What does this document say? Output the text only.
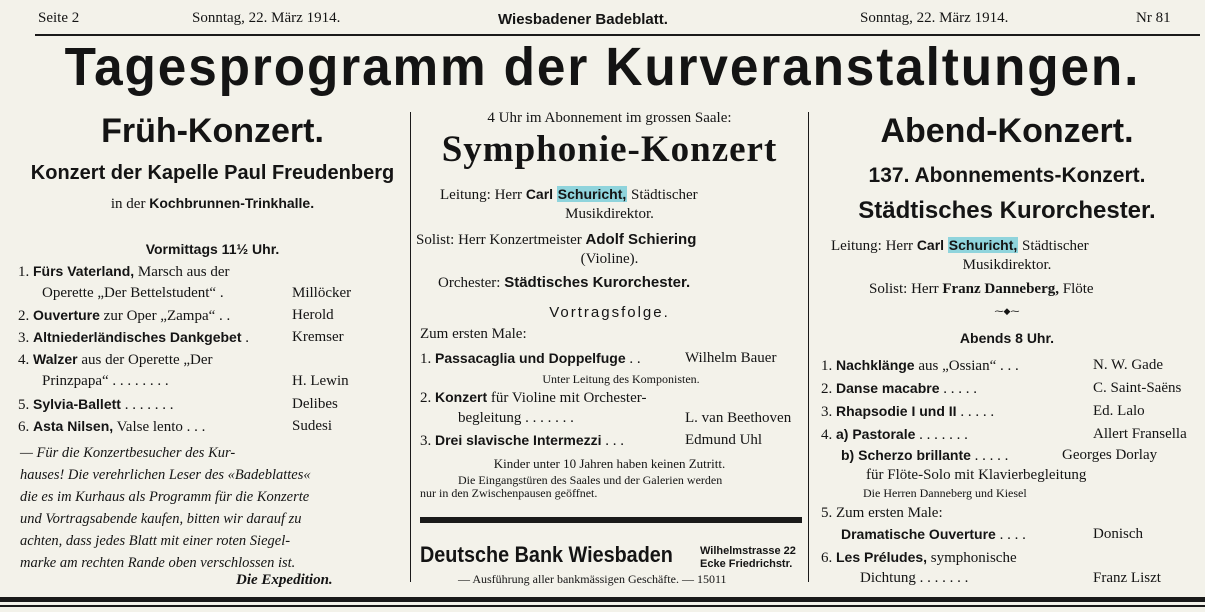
Seite 2	Sonntag, 22. März 1914.	Wiesbadener Badeblatt.	Sonntag, 22. März 1914.	Nr 81
Tagesprogramm der Kurveranstaltungen.
Früh-Konzert.
Konzert der Kapelle Paul Freudenberg
in der Kochbrunnen-Trinkhalle.
Vormittags 11½ Uhr.
1. Fürs Vaterland, Marsch aus der
Operette „Der Bettelstudent“ .	Millöcker
2. Ouverture zur Oper „Zampa“ . .	Herold
3. Altniederländisches Dankgebet .	Kremser
4. Walzer aus der Operette „Der
Prinzpapa“ . . . . . . . .	H. Lewin
5. Sylvia-Ballett . . . . . . .	Delibes
6. Asta Nilsen, Valse lento . . .	Sudesi
— Für die Konzertbesucher des Kur-
hauses! Die verehrlichen Leser des «Badeblattes«
die es im Kurhaus als Programm für die Konzerte
und Vortragsabende kaufen, bitten wir darauf zu
achten, dass jedes Blatt mit einer roten Siegel-
marke am rechten Rande oben verschlossen ist.
Die Expedition.
4 Uhr im Abonnement im grossen Saale:
Symphonie-Konzert
Leitung: Herr Carl Schuricht, Städtischer
Musikdirektor.
Solist: Herr Konzertmeister Adolf Schiering
(Violine).
Orchester: Städtisches Kurorchester.
Vortragsfolge.
Zum ersten Male:
1. Passacaglia und Doppelfuge . .	Wilhelm Bauer
Unter Leitung des Komponisten.
2. Konzert für Violine mit Orchester-
begleitung . . . . . . .	L. van Beethoven
3. Drei slavische Intermezzi . . .	Edmund Uhl
Kinder unter 10 Jahren haben keinen Zutritt.
Die Eingangstüren des Saales und der Galerien werden
nur in den Zwischenpausen geöffnet.
Deutsche Bank Wiesbaden Wilhelmstrasse 22
Ecke Friedrichstr.
— Ausführung aller bankmässigen Geschäfte. — 15011
Abend-Konzert.
137. Abonnements-Konzert.
Städtisches Kurorchester.
Leitung: Herr Carl Schuricht, Städtischer
Musikdirektor.
Solist: Herr Franz Danneberg, Flöte
⁓◆⁓
Abends 8 Uhr.
1. Nachklänge aus „Ossian“ . . .	N. W. Gade
2. Danse macabre . . . . .	C. Saint-Saëns
3. Rhapsodie I und II . . . . .	Ed. Lalo
4. a) Pastorale . . . . . . .	Allert Fransella
b) Scherzo brillante . . . . .	Georges Dorlay
für Flöte-Solo mit Klavierbegleitung
Die Herren Danneberg und Kiesel
5. Zum ersten Male:
Dramatische Ouverture . . . .	Donisch
6. Les Préludes, symphonische
Dichtung . . . . . . .	Franz Liszt
